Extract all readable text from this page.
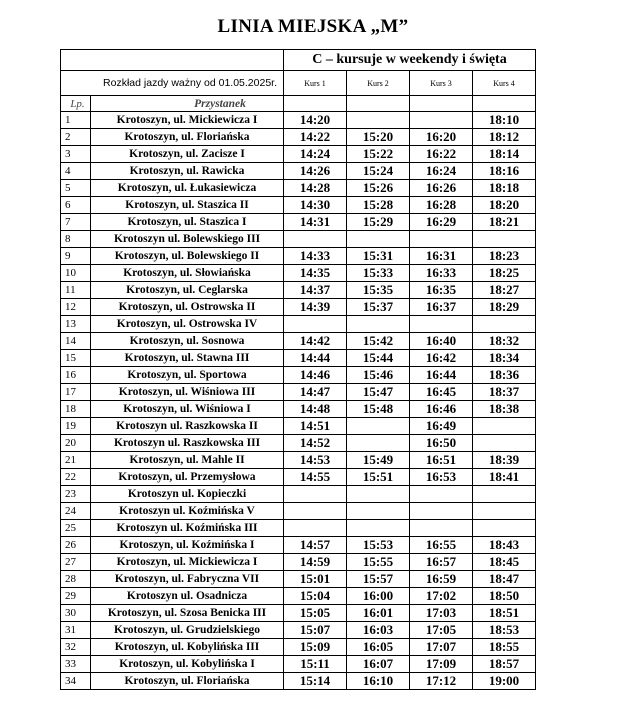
LINIA MIEJSKA „M”
		C – kursuje w weekendy i święta			
Rozkład jazdy ważny od 01.05.2025r.		Kurs 1	Kurs 2	Kurs 3	Kurs 4
Lp.	Przystanek				
1	Krotoszyn, ul. Mickiewicza I	14:20			18:10
2	Krotoszyn, ul. Floriańska	14:22	15:20	16:20	18:12
3	Krotoszyn, ul. Zacisze I	14:24	15:22	16:22	18:14
4	Krotoszyn, ul. Rawicka	14:26	15:24	16:24	18:16
5	Krotoszyn, ul. Łukasiewicza	14:28	15:26	16:26	18:18
6	Krotoszyn, ul. Staszica II	14:30	15:28	16:28	18:20
7	Krotoszyn, ul. Staszica I	14:31	15:29	16:29	18:21
8	Krotoszyn ul. Bolewskiego III				
9	Krotoszyn, ul. Bolewskiego II	14:33	15:31	16:31	18:23
10	Krotoszyn, ul. Słowiańska	14:35	15:33	16:33	18:25
11	Krotoszyn, ul. Ceglarska	14:37	15:35	16:35	18:27
12	Krotoszyn, ul. Ostrowska II	14:39	15:37	16:37	18:29
13	Krotoszyn, ul. Ostrowska IV				
14	Krotoszyn, ul. Sosnowa	14:42	15:42	16:40	18:32
15	Krotoszyn, ul. Stawna III	14:44	15:44	16:42	18:34
16	Krotoszyn, ul. Sportowa	14:46	15:46	16:44	18:36
17	Krotoszyn, ul. Wiśniowa III	14:47	15:47	16:45	18:37
18	Krotoszyn, ul. Wiśniowa I	14:48	15:48	16:46	18:38
19	Krotoszyn ul. Raszkowska II	14:51		16:49	
20	Krotoszyn ul. Raszkowska III	14:52		16:50	
21	Krotoszyn, ul. Mahle II	14:53	15:49	16:51	18:39
22	Krotoszyn, ul. Przemysłowa	14:55	15:51	16:53	18:41
23	Krotoszyn ul. Kopieczki				
24	Krotoszyn ul. Koźmińska V				
25	Krotoszyn ul. Koźmińska III				
26	Krotoszyn, ul. Koźmińska I	14:57	15:53	16:55	18:43
27	Krotoszyn, ul. Mickiewicza I	14:59	15:55	16:57	18:45
28	Krotoszyn, ul. Fabryczna VII	15:01	15:57	16:59	18:47
29	Krotoszyn ul. Osadnicza	15:04	16:00	17:02	18:50
30	Krotoszyn, ul. Szosa Benicka III	15:05	16:01	17:03	18:51
31	Krotoszyn, ul. Grudzielskiego	15:07	16:03	17:05	18:53
32	Krotoszyn, ul. Kobylińska III	15:09	16:05	17:07	18:55
33	Krotoszyn, ul. Kobylińska I	15:11	16:07	17:09	18:57
34	Krotoszyn, ul. Floriańska	15:14	16:10	17:12	19:00
